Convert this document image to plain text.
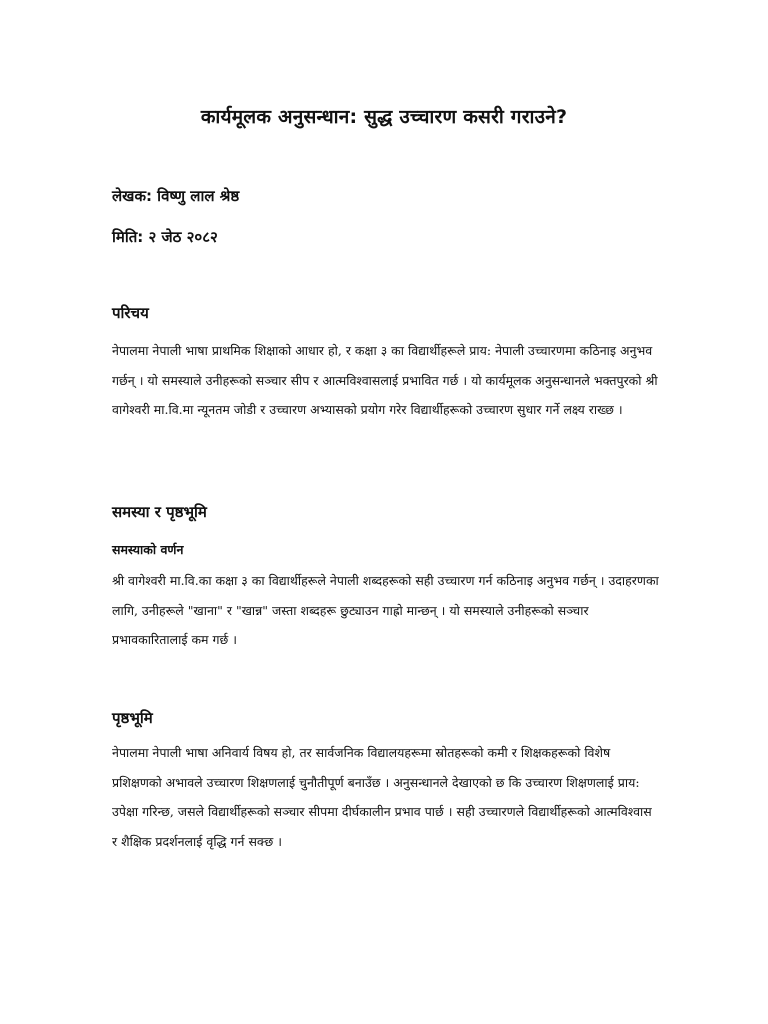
कार्यमूलक अनुसन्धान: सुद्ध उच्चारण कसरी गराउने?
लेखक: विष्णु लाल श्रेष्ठ
मिति: २ जेठ २०८२
परिचय

नेपालमा नेपाली भाषा प्राथमिक शिक्षाको आधार हो, र कक्षा ३ का विद्यार्थीहरूले प्राय: नेपाली उच्चारणमा कठिनाइ अनुभव गर्छन् । यो समस्याले उनीहरूको सञ्चार सीप र आत्मविश्वासलाई प्रभावित गर्छ । यो कार्यमूलक अनुसन्धानले भक्तपुरको श्री वागेश्वरी मा.वि.मा न्यूनतम जोडी र उच्चारण अभ्यासको प्रयोग गरेर विद्यार्थीहरूको उच्चारण सुधार गर्ने लक्ष्य राख्छ ।

समस्या र पृष्ठभूमि
समस्याको वर्णन

श्री वागेश्वरी मा.वि.का कक्षा ३ का विद्यार्थीहरूले नेपाली शब्दहरूको सही उच्चारण गर्न कठिनाइ अनुभव गर्छन् । उदाहरणका लागि, उनीहरूले "खाना" र "खान्न" जस्ता शब्दहरू छुट्याउन गाह्रो मान्छन् । यो समस्याले उनीहरूको सञ्चार प्रभावकारितालाई कम गर्छ ।

पृष्ठभूमि

नेपालमा नेपाली भाषा अनिवार्य विषय हो, तर सार्वजनिक विद्यालयहरूमा स्रोतहरूको कमी र शिक्षकहरूको विशेष प्रशिक्षणको अभावले उच्चारण शिक्षणलाई चुनौतीपूर्ण बनाउँछ । अनुसन्धानले देखाएको छ कि उच्चारण शिक्षणलाई प्राय: उपेक्षा गरिन्छ, जसले विद्यार्थीहरूको सञ्चार सीपमा दीर्घकालीन प्रभाव पार्छ । सही उच्चारणले विद्यार्थीहरूको आत्मविश्वास र शैक्षिक प्रदर्शनलाई वृद्धि गर्न सक्छ ।
